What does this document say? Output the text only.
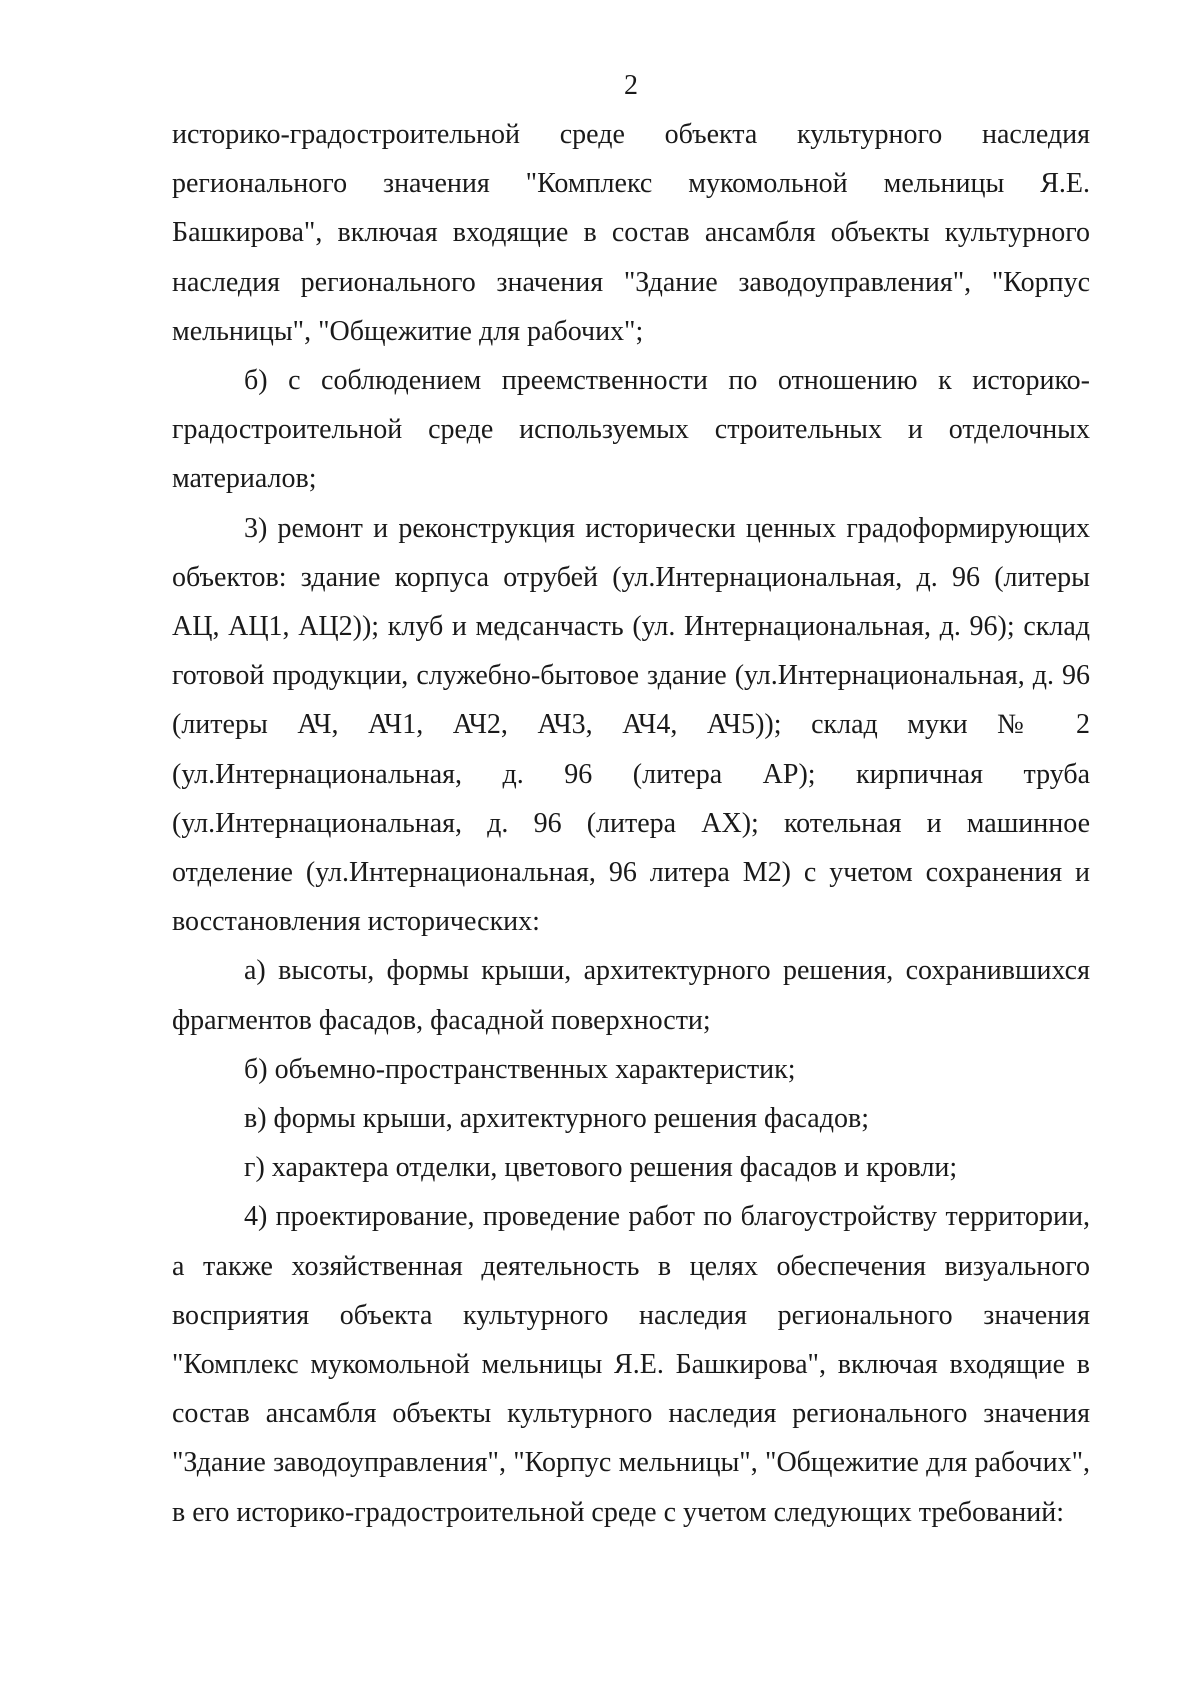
2

историко-градостроительной среде объекта культурного наследия регионального значения "Комплекс мукомольной мельницы Я.Е. Башкирова", включая входящие в состав ансамбля объекты культурного наследия регионального значения "Здание заводоуправления", "Корпус мельницы", "Общежитие для рабочих";

б) с соблюдением преемственности по отношению к историко-градостроительной среде используемых строительных и отделочных материалов;

3) ремонт и реконструкция исторически ценных градоформирующих объектов: здание корпуса отрубей (ул.Интернациональная, д. 96 (литеры АЦ, АЦ1, АЦ2)); клуб и медсанчасть (ул. Интернациональная, д. 96); склад готовой продукции, служебно-бытовое здание (ул.Интернациональная, д. 96 (литеры АЧ, АЧ1, АЧ2, АЧ3, АЧ4, АЧ5)); склад муки № 2 (ул.Интернациональная, д. 96 (литера АР); кирпичная труба (ул.Интернациональная, д. 96 (литера АХ); котельная и машинное отделение (ул.Интернациональная, 96 литера М2) с учетом сохранения и восстановления исторических:

а) высоты, формы крыши, архитектурного решения, сохранившихся фрагментов фасадов, фасадной поверхности;

б) объемно-пространственных характеристик;

в) формы крыши, архитектурного решения фасадов;

г) характера отделки, цветового решения фасадов и кровли;

4) проектирование, проведение работ по благоустройству территории, а также хозяйственная деятельность в целях обеспечения визуального восприятия объекта культурного наследия регионального значения "Комплекс мукомольной мельницы Я.Е. Башкирова", включая входящие в состав ансамбля объекты культурного наследия регионального значения "Здание заводоуправления", "Корпус мельницы", "Общежитие для рабочих", в его историко-градостроительной среде с учетом следующих требований:
